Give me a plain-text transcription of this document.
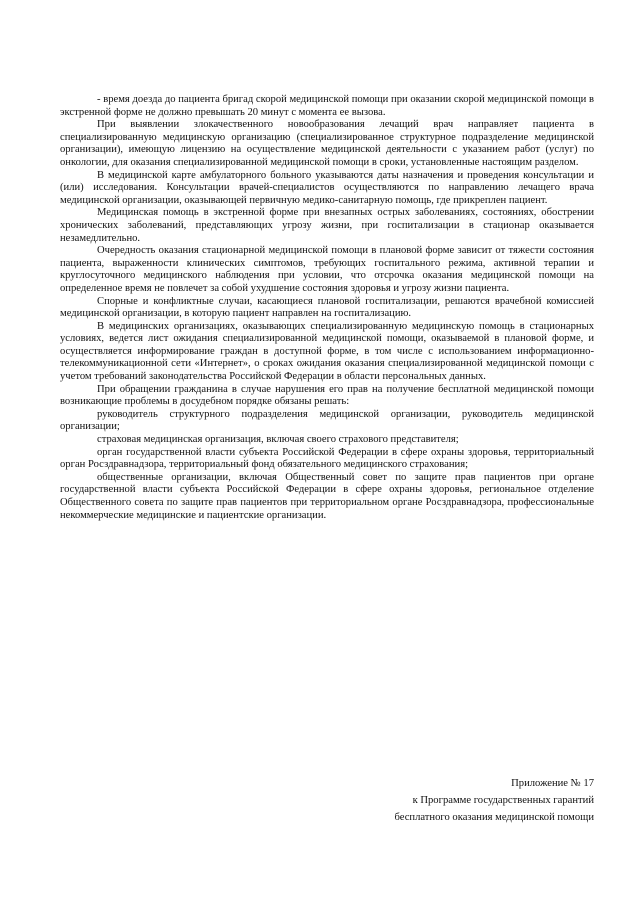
- время доезда до пациента бригад скорой медицинской помощи при оказании скорой медицинской помощи в экстренной форме не должно превышать 20 минут с момента ее вызова.

При выявлении злокачественного новообразования лечащий врач направляет пациента в специализированную медицинскую организацию (специализированное структурное подразделение медицинской организации), имеющую лицензию на осуществление медицинской деятельности с указанием работ (услуг) по онкологии, для оказания специализированной медицинской помощи в сроки, установленные настоящим разделом.

В медицинской карте амбулаторного больного указываются даты назначения и проведения консультации и (или) исследования. Консультации врачей-специалистов осуществляются по направлению лечащего врача медицинской организации, оказывающей первичную медико-санитарную помощь, где прикреплен пациент.

Медицинская помощь в экстренной форме при внезапных острых заболеваниях, состояниях, обострении хронических заболеваний, представляющих угрозу жизни, при госпитализации в стационар оказывается незамедлительно.

Очередность оказания стационарной медицинской помощи в плановой форме зависит от тяжести состояния пациента, выраженности клинических симптомов, требующих госпитального режима, активной терапии и круглосуточного медицинского наблюдения при условии, что отсрочка оказания медицинской помощи на определенное время не повлечет за собой ухудшение состояния здоровья и угрозу жизни пациента.

Спорные и конфликтные случаи, касающиеся плановой госпитализации, решаются врачебной комиссией медицинской организации, в которую пациент направлен на госпитализацию.

В медицинских организациях, оказывающих специализированную медицинскую помощь в стационарных условиях, ведется лист ожидания специализированной медицинской помощи, оказываемой в плановой форме, и осуществляется информирование граждан в доступной форме, в том числе с использованием информационно-телекоммуникационной сети «Интернет», о сроках ожидания оказания специализированной медицинской помощи с учетом требований законодательства Российской Федерации в области персональных данных.

При обращении гражданина в случае нарушения его прав на получение бесплатной медицинской помощи возникающие проблемы в досудебном порядке обязаны решать:

руководитель структурного подразделения медицинской организации, руководитель медицинской организации;

страховая медицинская организация, включая своего страхового представителя;

орган государственной власти субъекта Российской Федерации в сфере охраны здоровья, территориальный орган Росздравнадзора, территориальный фонд обязательного медицинского страхования;

общественные организации, включая Общественный совет по защите прав пациентов при органе государственной власти субъекта Российской Федерации в сфере охраны здоровья, региональное отделение Общественного совета по защите прав пациентов при территориальном органе Росздравнадзора, профессиональные некоммерческие медицинские и пациентские организации.

Приложение № 17
к Программе государственных гарантий
бесплатного оказания медицинской помощи
